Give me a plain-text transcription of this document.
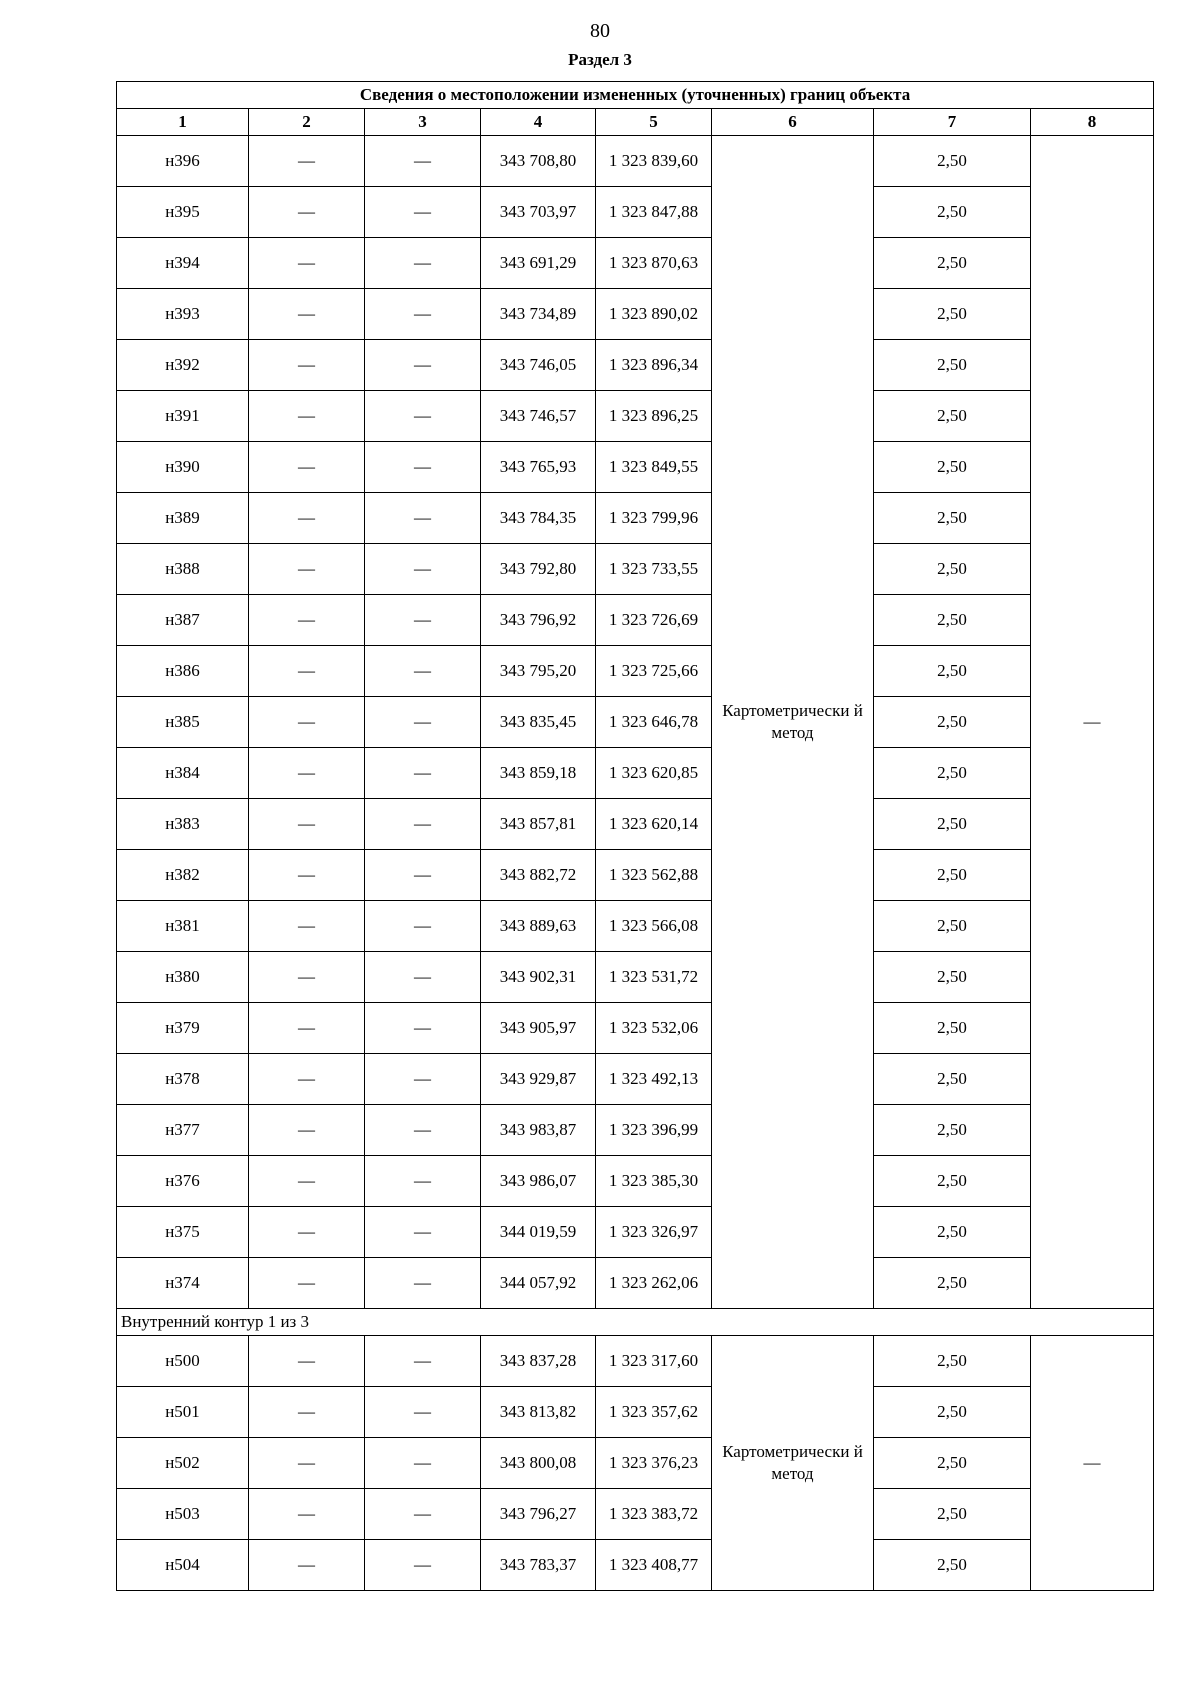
80
Раздел 3
Сведения о местоположении измененных (уточненных) границ объекта							
1	2	3	4	5	6	7	8
н396	—	—	343 708,80	1 323 839,60	Картометрически й метод	2,50	—
н395	—	—	343 703,97	1 323 847,88		2,50	
н394	—	—	343 691,29	1 323 870,63		2,50	
н393	—	—	343 734,89	1 323 890,02		2,50	
н392	—	—	343 746,05	1 323 896,34		2,50	
н391	—	—	343 746,57	1 323 896,25		2,50	
н390	—	—	343 765,93	1 323 849,55		2,50	
н389	—	—	343 784,35	1 323 799,96		2,50	
н388	—	—	343 792,80	1 323 733,55		2,50	
н387	—	—	343 796,92	1 323 726,69		2,50	
н386	—	—	343 795,20	1 323 725,66		2,50	
н385	—	—	343 835,45	1 323 646,78		2,50	
н384	—	—	343 859,18	1 323 620,85		2,50	
н383	—	—	343 857,81	1 323 620,14		2,50	
н382	—	—	343 882,72	1 323 562,88		2,50	
н381	—	—	343 889,63	1 323 566,08		2,50	
н380	—	—	343 902,31	1 323 531,72		2,50	
н379	—	—	343 905,97	1 323 532,06		2,50	
н378	—	—	343 929,87	1 323 492,13		2,50	
н377	—	—	343 983,87	1 323 396,99		2,50	
н376	—	—	343 986,07	1 323 385,30		2,50	
н375	—	—	344 019,59	1 323 326,97		2,50	
н374	—	—	344 057,92	1 323 262,06		2,50	
Внутренний контур 1 из 3							
н500	—	—	343 837,28	1 323 317,60	Картометрически й метод	2,50	—
н501	—	—	343 813,82	1 323 357,62		2,50	
н502	—	—	343 800,08	1 323 376,23		2,50	
н503	—	—	343 796,27	1 323 383,72		2,50	
н504	—	—	343 783,37	1 323 408,77		2,50	
